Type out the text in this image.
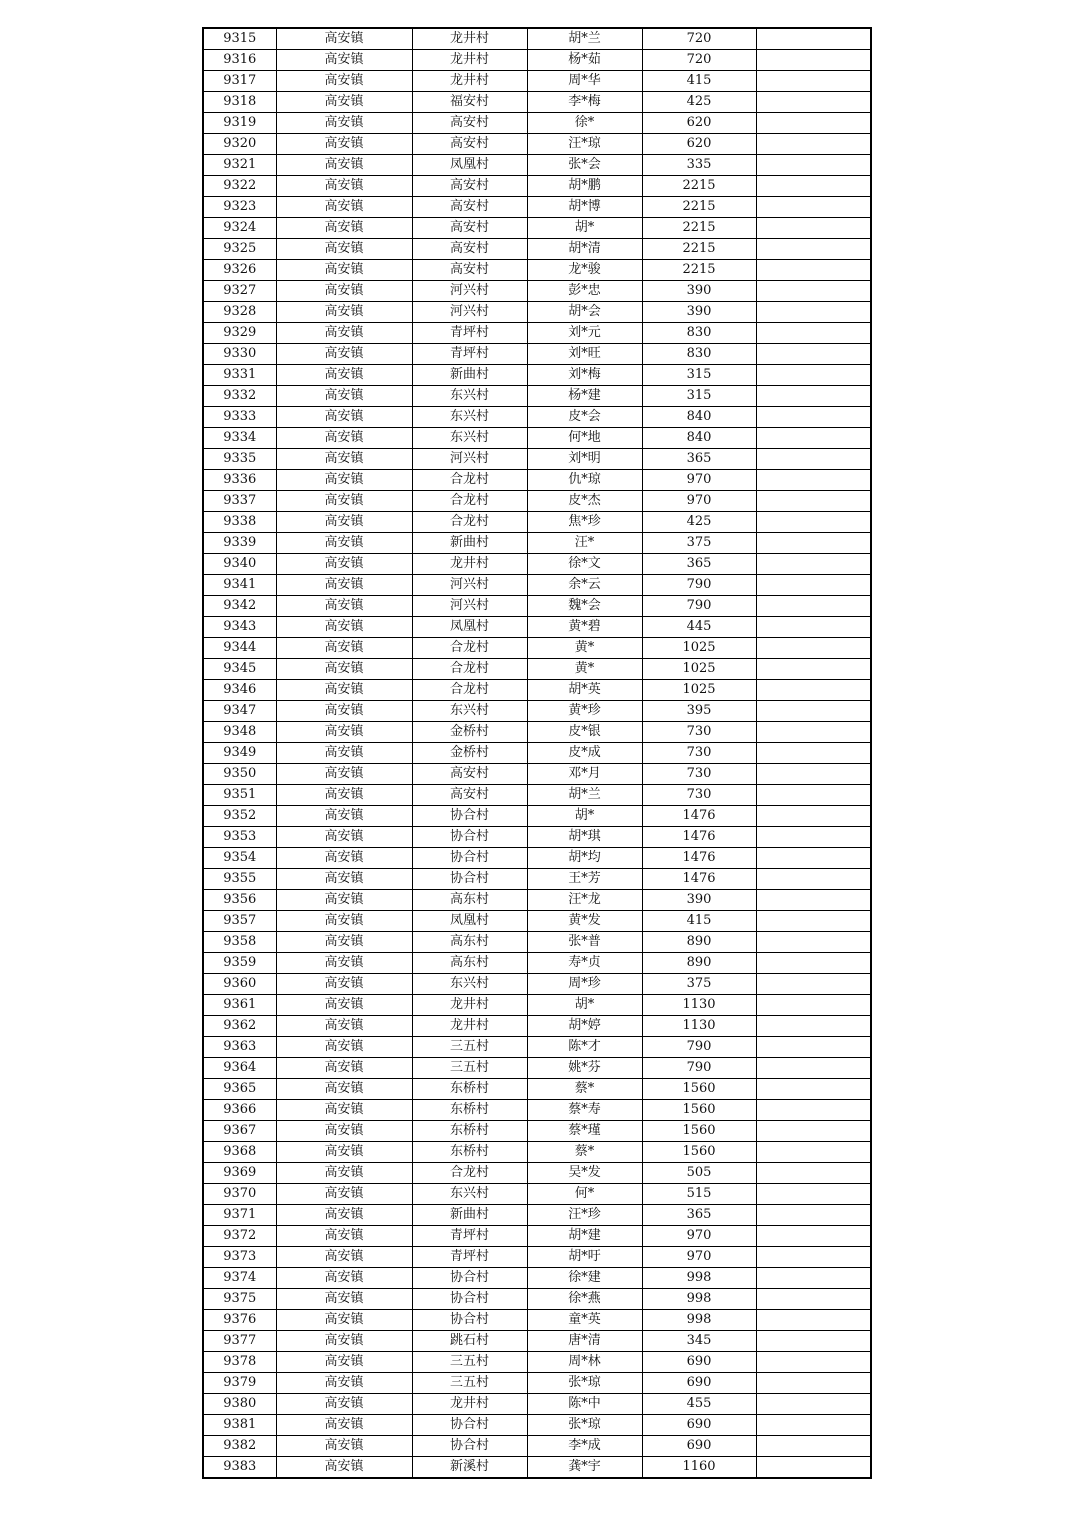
9315	高安镇	龙井村	胡*兰	720	
9316	高安镇	龙井村	杨*茹	720	
9317	高安镇	龙井村	周*华	415	
9318	高安镇	福安村	李*梅	425	
9319	高安镇	高安村	徐*	620	
9320	高安镇	高安村	汪*琼	620	
9321	高安镇	凤凰村	张*会	335	
9322	高安镇	高安村	胡*鹏	2215	
9323	高安镇	高安村	胡*博	2215	
9324	高安镇	高安村	胡*	2215	
9325	高安镇	高安村	胡*清	2215	
9326	高安镇	高安村	龙*骏	2215	
9327	高安镇	河兴村	彭*忠	390	
9328	高安镇	河兴村	胡*会	390	
9329	高安镇	青坪村	刘*元	830	
9330	高安镇	青坪村	刘*旺	830	
9331	高安镇	新曲村	刘*梅	315	
9332	高安镇	东兴村	杨*建	315	
9333	高安镇	东兴村	皮*会	840	
9334	高安镇	东兴村	何*地	840	
9335	高安镇	河兴村	刘*明	365	
9336	高安镇	合龙村	仇*琼	970	
9337	高安镇	合龙村	皮*杰	970	
9338	高安镇	合龙村	焦*珍	425	
9339	高安镇	新曲村	汪*	375	
9340	高安镇	龙井村	徐*文	365	
9341	高安镇	河兴村	余*云	790	
9342	高安镇	河兴村	魏*会	790	
9343	高安镇	凤凰村	黄*碧	445	
9344	高安镇	合龙村	黄*	1025	
9345	高安镇	合龙村	黄*	1025	
9346	高安镇	合龙村	胡*英	1025	
9347	高安镇	东兴村	黄*珍	395	
9348	高安镇	金桥村	皮*银	730	
9349	高安镇	金桥村	皮*成	730	
9350	高安镇	高安村	邓*月	730	
9351	高安镇	高安村	胡*兰	730	
9352	高安镇	协合村	胡*	1476	
9353	高安镇	协合村	胡*琪	1476	
9354	高安镇	协合村	胡*均	1476	
9355	高安镇	协合村	王*芳	1476	
9356	高安镇	高东村	汪*龙	390	
9357	高安镇	凤凰村	黄*发	415	
9358	高安镇	高东村	张*普	890	
9359	高安镇	高东村	寿*贞	890	
9360	高安镇	东兴村	周*珍	375	
9361	高安镇	龙井村	胡*	1130	
9362	高安镇	龙井村	胡*婷	1130	
9363	高安镇	三五村	陈*才	790	
9364	高安镇	三五村	姚*芬	790	
9365	高安镇	东桥村	蔡*	1560	
9366	高安镇	东桥村	蔡*寿	1560	
9367	高安镇	东桥村	蔡*瑾	1560	
9368	高安镇	东桥村	蔡*	1560	
9369	高安镇	合龙村	吴*发	505	
9370	高安镇	东兴村	何*	515	
9371	高安镇	新曲村	汪*珍	365	
9372	高安镇	青坪村	胡*建	970	
9373	高安镇	青坪村	胡*吁	970	
9374	高安镇	协合村	徐*建	998	
9375	高安镇	协合村	徐*燕	998	
9376	高安镇	协合村	童*英	998	
9377	高安镇	跳石村	唐*清	345	
9378	高安镇	三五村	周*林	690	
9379	高安镇	三五村	张*琼	690	
9380	高安镇	龙井村	陈*中	455	
9381	高安镇	协合村	张*琼	690	
9382	高安镇	协合村	李*成	690	
9383	高安镇	新溪村	龚*宇	1160	
